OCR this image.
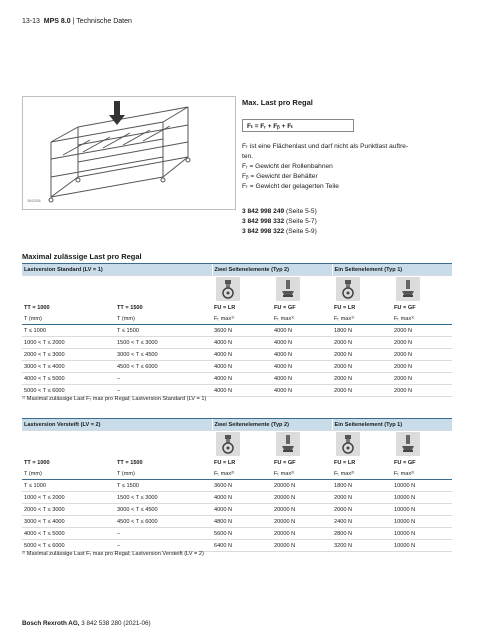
13-13 MPS 8.0 | Technische Daten
3842536
Max. Last pro Regal
Fₜ = Fᵣ + Fᵦ + Fₜ

Fₜ ist eine Flächenlast und darf nicht als Punktlast auftre-

ten.

Fᵣ = Gewicht der Rollenbahnen

Fᵦ = Gewicht der Behälter

Fₜ = Gewicht der gelagerten Teile

3 842 998 249 (Seite 5-5)
3 842 998 332 (Seite 5-7)
3 842 998 322 (Seite 5-9)
Maximal zulässige Last pro Regal
Lastversion Standard (LV = 1)		Zwei Seitenelemente (Typ 2)		Ein Seitenelement (Typ 1)	

TT = 1000	TT = 1500	FU = LR	FU = GF	FU = LR	FU = GF
T (mm)	T (mm)	Fₜ max¹⁾	Fₜ max¹⁾	Fₜ max¹⁾	Fₜ max¹⁾
T ≤ 1000	T ≤ 1500	3600 N	4000 N	1800 N	2000 N
1000 < T ≤ 2000	1500 < T ≤ 3000	4000 N	4000 N	2000 N	2000 N
2000 < T ≤ 3000	3000 < T ≤ 4500	4000 N	4000 N	2000 N	2000 N
3000 < T ≤ 4000	4500 < T ≤ 6000	4000 N	4000 N	2000 N	2000 N
4000 < T ≤ 5000	–	4000 N	4000 N	2000 N	2000 N
5000 < T ≤ 6000	–	4000 N	4000 N	2000 N	2000 N
¹⁾ Maximal zulässige Last Fₜ max pro Regal; Lastversion Standard (LV = 1)
Lastversion Versteift (LV = 2)		Zwei Seitenelemente (Typ 2)		Ein Seitenelement (Typ 1)	

TT = 1000	TT = 1500	FU = LR	FU = GF	FU = LR	FU = GF
T (mm)	T (mm)	Fₜ max²⁾	Fₜ max²⁾	Fₜ max²⁾	Fₜ max²⁾
T ≤ 1000	T ≤ 1500	3600 N	20000 N	1800 N	10000 N
1000 < T ≤ 2000	1500 < T ≤ 3000	4000 N	20000 N	2000 N	10000 N
2000 < T ≤ 3000	3000 < T ≤ 4500	4000 N	20000 N	2000 N	10000 N
3000 < T ≤ 4000	4500 < T ≤ 6000	4800 N	20000 N	2400 N	10000 N
4000 < T ≤ 5000	–	5600 N	20000 N	2800 N	10000 N
5000 < T ≤ 6000	–	6400 N	20000 N	3200 N	10000 N
²⁾ Maximal zulässige Last Fₜ max pro Regal; Lastversion Versteift (LV = 2)
Bosch Rexroth AG, 3 842 538 280 (2021-06)
